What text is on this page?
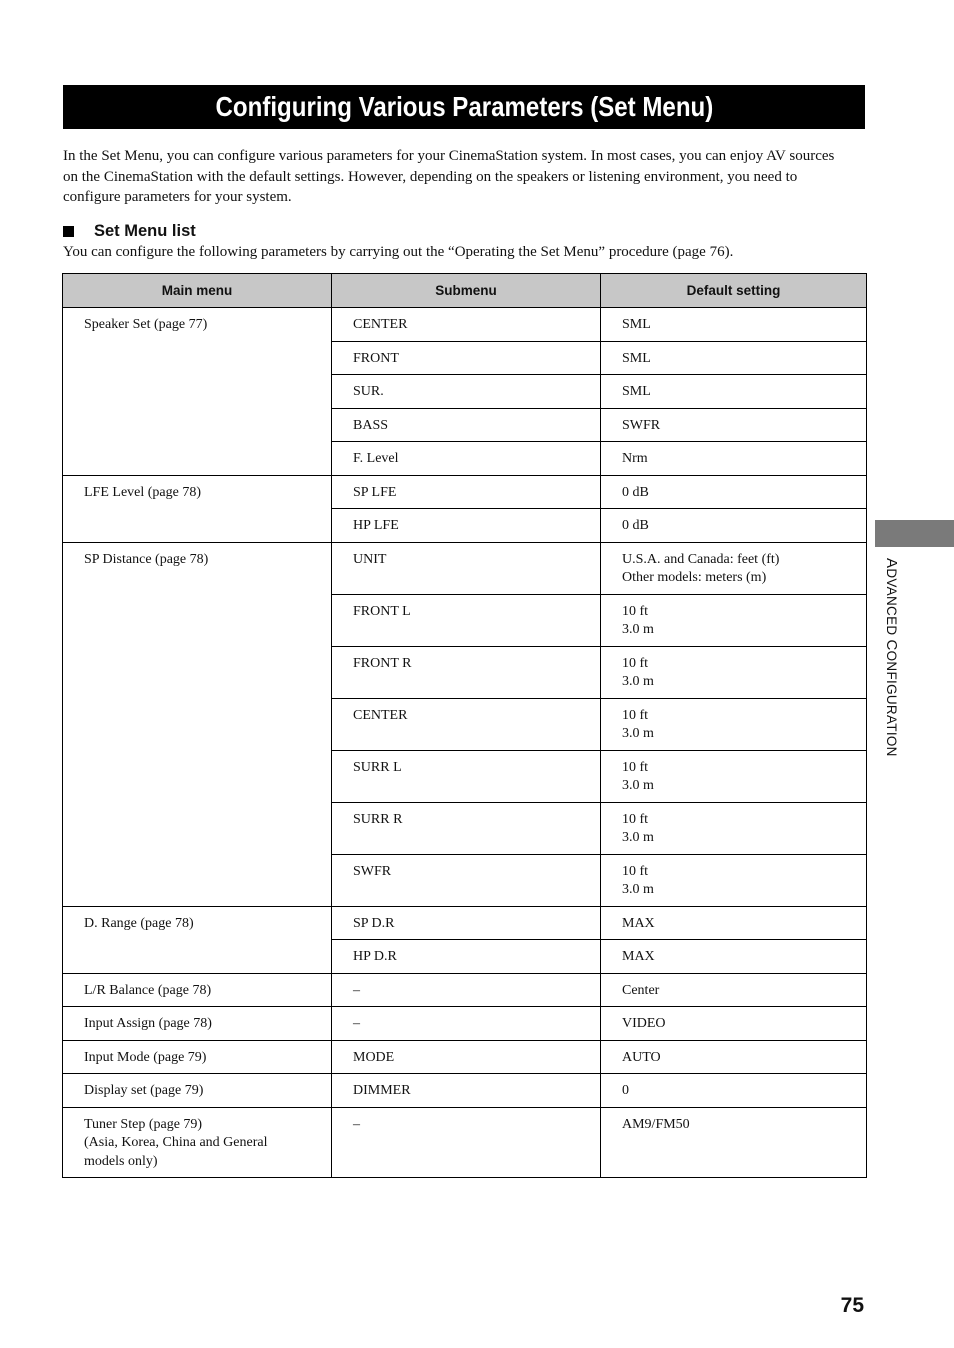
Configuring Various Parameters (Set Menu)

In the Set Menu, you can configure various parameters for your CinemaStation system. In most cases, you can enjoy AV sources on the CinemaStation with the default settings. However, depending on the speakers or listening environment, you need to configure parameters for your system.

Set Menu list

You can configure the following parameters by carrying out the “Operating the Set Menu” procedure (page 76).

Main menu	Submenu	Default setting

Speaker Set (page 77)	CENTER	SML

	FRONT	SML

	SUR.	SML

	BASS	SWFR

	F. Level	Nrm

LFE Level (page 78)	SP LFE	0 dB

	HP LFE	0 dB

SP Distance (page 78)	UNIT	U.S.A. and Canada: feet (ft)
Other models: meters (m)

	FRONT L	10 ft
3.0 m

	FRONT R	10 ft
3.0 m

	CENTER	10 ft
3.0 m

	SURR L	10 ft
3.0 m

	SURR R	10 ft
3.0 m

	SWFR	10 ft
3.0 m

D. Range (page 78)	SP D.R	MAX

	HP D.R	MAX

L/R Balance (page 78)	–	Center

Input Assign (page 78)	–	VIDEO

Input Mode (page 79)	MODE	AUTO

Display set (page 79)	DIMMER	0

Tuner Step (page 79)
(Asia, Korea, China and General
models only)	–	AM9/FM50
ADVANCED CONFIGURATION
75
